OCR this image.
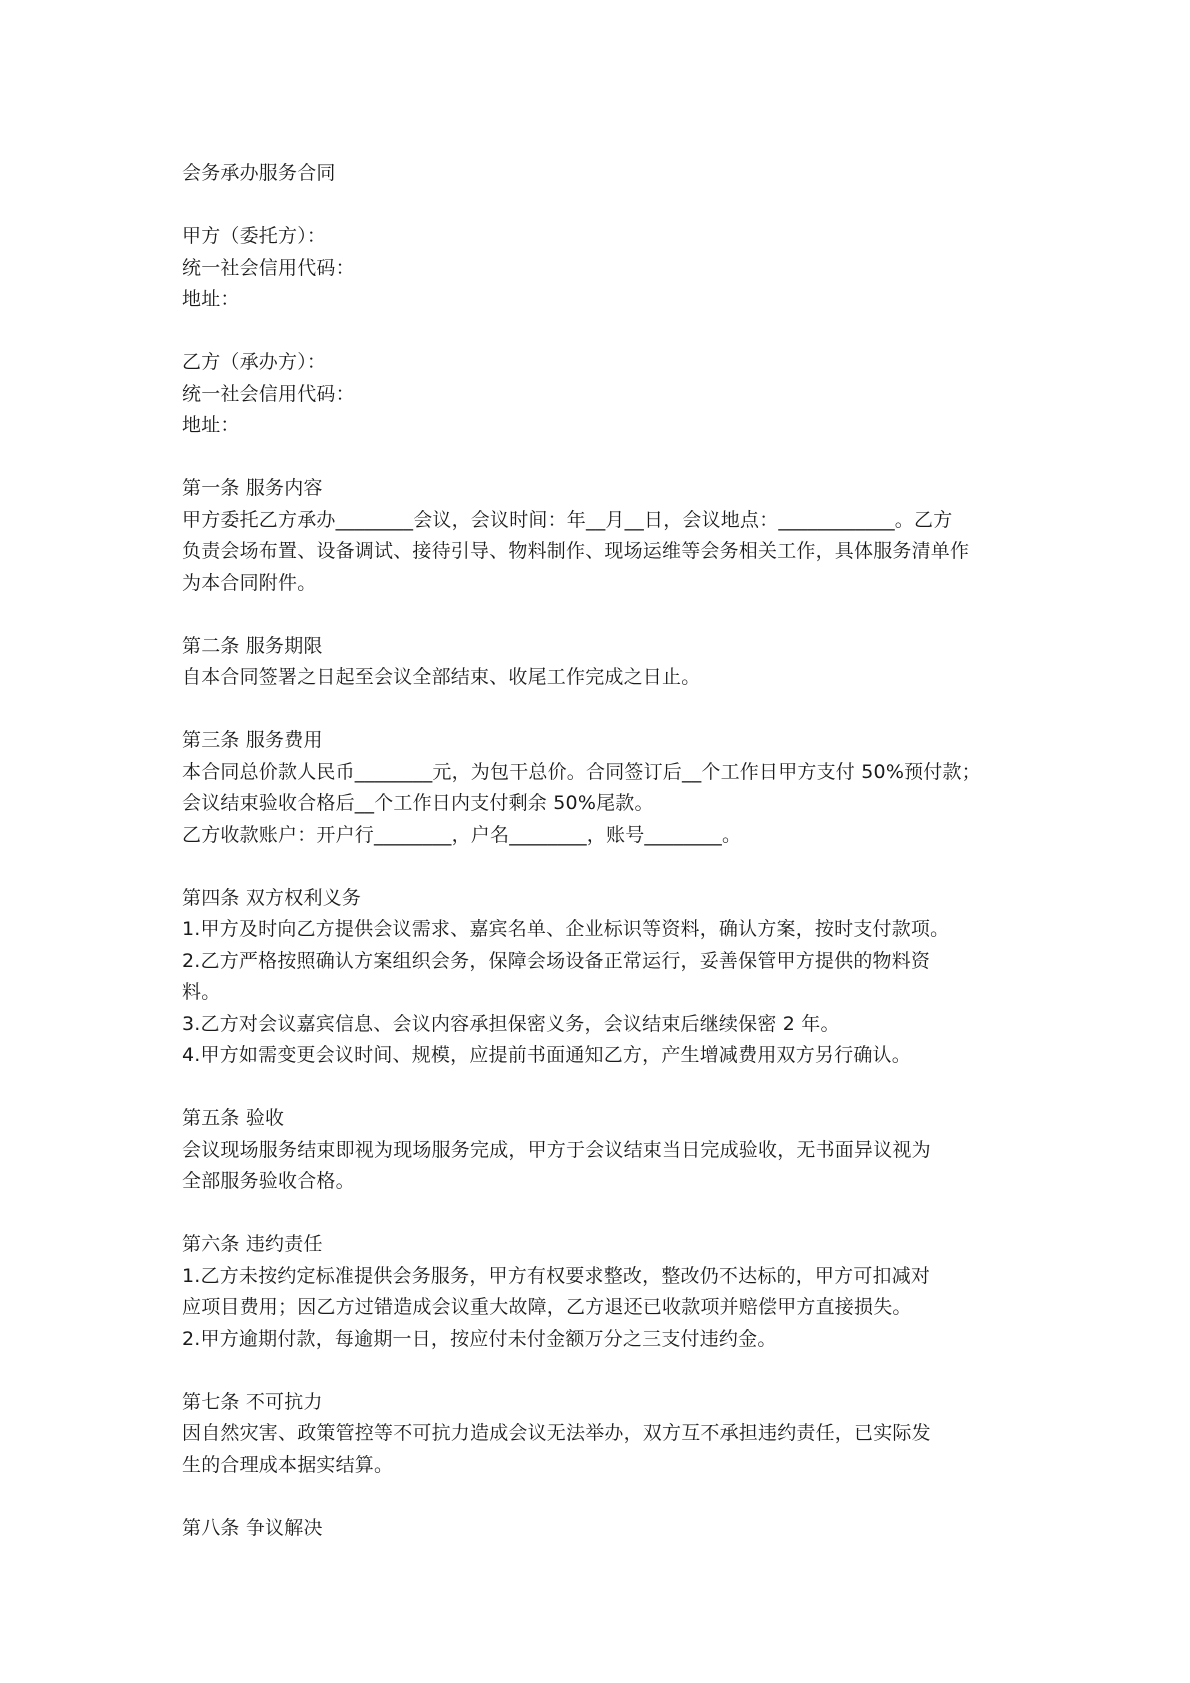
会务承办服务合同

甲方（委托方）：

统一社会信用代码：

地址：

乙方（承办方）：

统一社会信用代码：

地址：

第一条 服务内容

甲方委托乙方承办________会议，会议时间：年__月__日，会议地点：____________。乙方

负责会场布置、设备调试、接待引导、物料制作、现场运维等会务相关工作，具体服务清单作

为本合同附件。

第二条 服务期限

自本合同签署之日起至会议全部结束、收尾工作完成之日止。

第三条 服务费用

本合同总价款人民币________元，为包干总价。合同签订后__个工作日甲方支付 50%预付款；

会议结束验收合格后__个工作日内支付剩余 50%尾款。

乙方收款账户：开户行________，户名________，账号________。

第四条 双方权利义务

1.甲方及时向乙方提供会议需求、嘉宾名单、企业标识等资料，确认方案，按时支付款项。

2.乙方严格按照确认方案组织会务，保障会场设备正常运行，妥善保管甲方提供的物料资

料。

3.乙方对会议嘉宾信息、会议内容承担保密义务，会议结束后继续保密 2 年。

4.甲方如需变更会议时间、规模，应提前书面通知乙方，产生增减费用双方另行确认。

第五条 验收

会议现场服务结束即视为现场服务完成，甲方于会议结束当日完成验收，无书面异议视为

全部服务验收合格。

第六条 违约责任

1.乙方未按约定标准提供会务服务，甲方有权要求整改，整改仍不达标的，甲方可扣减对

应项目费用；因乙方过错造成会议重大故障，乙方退还已收款项并赔偿甲方直接损失。

2.甲方逾期付款，每逾期一日，按应付未付金额万分之三支付违约金。

第七条 不可抗力

因自然灾害、政策管控等不可抗力造成会议无法举办，双方互不承担违约责任，已实际发

生的合理成本据实结算。

第八条 争议解决
